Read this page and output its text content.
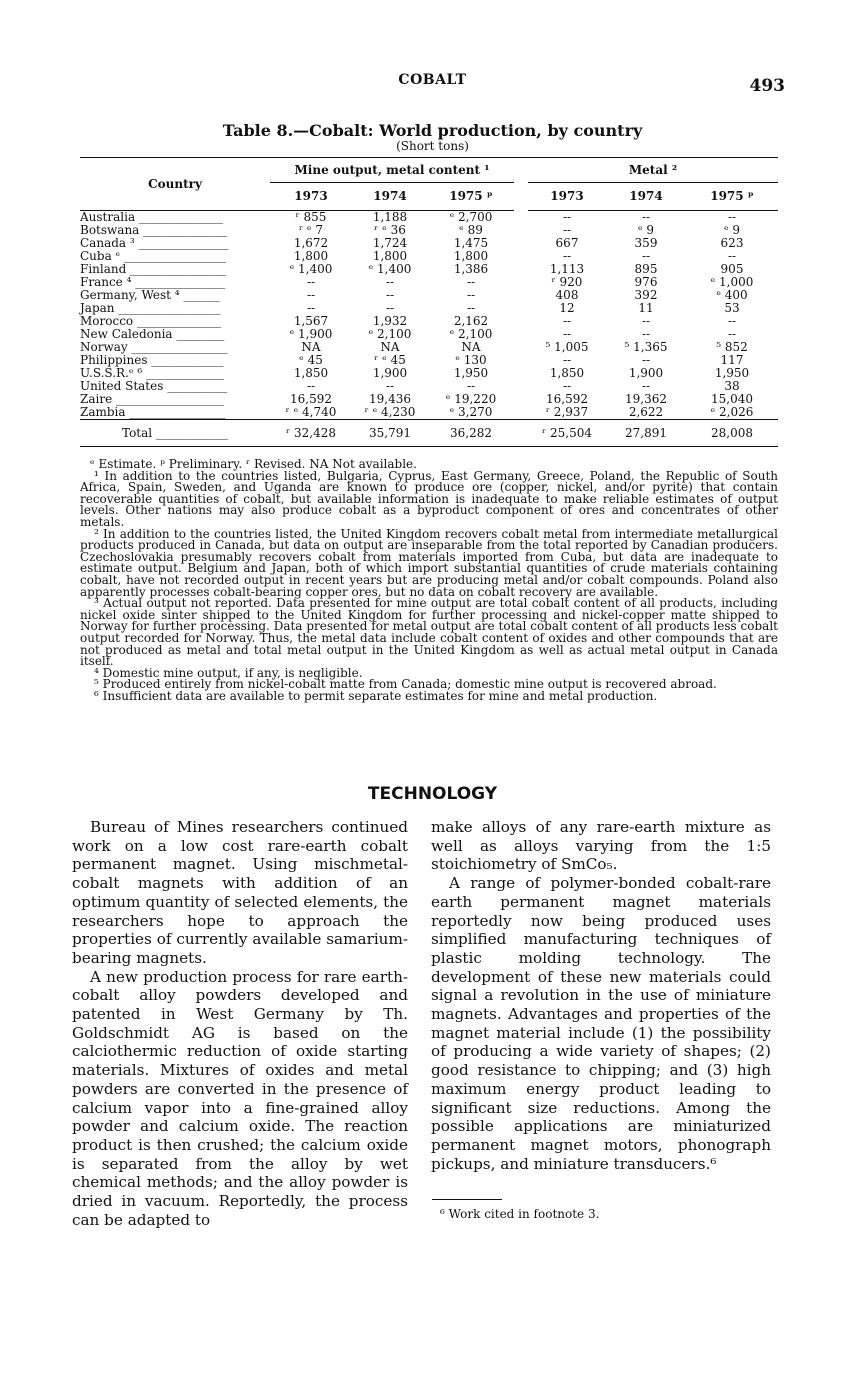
COBALT	493
Table 8.—Cobalt: World production, by country
(Short tons)
Country	Mine output, metal content ¹				Metal ²		
	1973	1974	1975 ᵖ		1973	1974	1975 ᵖ
Australia ______________	ʳ 855	1,188	ᵉ 2,700		--	--	--
Botswana ______________	ʳ ᵉ 7	ʳ ᵉ 36	ᵉ 89		--	ᵉ 9	ᵉ 9
Canada ³ _______________	1,672	1,724	1,475		667	359	623
Cuba ᵉ _________________	1,800	1,800	1,800		--	--	--
Finland ________________	ᵉ 1,400	ᵉ 1,400	1,386		1,113	895	905
France ⁴ _______________	--	--	--		ʳ 920	976	ᵉ 1,000
Germany, West ⁴ ______	--	--	--		408	392	ᵉ 400
Japan _________________	--	--	--		12	11	53
Morocco ______________	1,567	1,932	2,162		--	--	--
New Caledonia ________	ᵉ 1,900	ᵉ 2,100	ᵉ 2,100		--	--	--
Norway ________________	NA	NA	NA		⁵ 1,005	⁵ 1,365	⁵ 852
Philippines ____________	ᵉ 45	ʳ ᵉ 45	ᵉ 130		--	--	117
U.S.S.R.ᵉ ⁶ _____________	1,850	1,900	1,950		1,850	1,900	1,950
United States __________	--	--	--		--	--	38
Zaire __________________	16,592	19,436	ᵉ 19,220		16,592	19,362	15,040
Zambia ________________	ʳ ᵉ 4,740	ʳ ᵉ 4,230	ᵉ 3,270		ʳ 2,937	2,622	ᵉ 2,026
Total ____________	ʳ 32,428	35,791	36,282		ʳ 25,504	27,891	28,008

ᵉ Estimate. ᵖ Preliminary. ʳ Revised. NA Not available.

¹ In addition to the countries listed, Bulgaria, Cyprus, East Germany, Greece, Poland, the Republic of South Africa, Spain, Sweden, and Uganda are known to produce ore (copper, nickel, and/or pyrite) that contain recoverable quantities of cobalt, but available information is inadequate to make reliable estimates of output levels. Other nations may also produce cobalt as a byproduct component of ores and concentrates of other metals.

² In addition to the countries listed, the United Kingdom recovers cobalt metal from intermediate metallurgical products produced in Canada, but data on output are inseparable from the total reported by Canadian producers. Czechoslovakia presumably recovers cobalt from materials imported from Cuba, but data are inadequate to estimate output. Belgium and Japan, both of which import substantial quantities of crude materials containing cobalt, have not recorded output in recent years but are producing metal and/or cobalt compounds. Poland also apparently processes cobalt-bearing copper ores, but no data on cobalt recovery are available.

³ Actual output not reported. Data presented for mine output are total cobalt content of all products, including nickel oxide sinter shipped to the United Kingdom for further processing and nickel-copper matte shipped to Norway for further processing. Data presented for metal output are total cobalt content of all products less cobalt output recorded for Norway. Thus, the metal data include cobalt content of oxides and other compounds that are not produced as metal and total metal output in the United Kingdom as well as actual metal output in Canada itself.

⁴ Domestic mine output, if any, is negligible.

⁵ Produced entirely from nickel-cobalt matte from Canada; domestic mine output is recovered abroad.

⁶ Insufficient data are available to permit separate estimates for mine and metal production.

TECHNOLOGY

Bureau of Mines researchers continued work on a low cost rare-earth cobalt permanent magnet. Using mischmetal-cobalt magnets with addition of an optimum quantity of selected elements, the researchers hope to approach the properties of currently available samarium-bearing magnets.

A new production process for rare earth-cobalt alloy powders developed and patented in West Germany by Th. Goldschmidt AG is based on the calciothermic reduction of oxide starting materials. Mixtures of oxides and metal powders are converted in the presence of calcium vapor into a fine-grained alloy powder and calcium oxide. The reaction product is then crushed; the calcium oxide is separated from the alloy by wet chemical methods; and the alloy powder is dried in vacuum. Reportedly, the process can be adapted to

make alloys of any rare-earth mixture as well as alloys varying from the 1:5 stoichiometry of SmCo₅.

A range of polymer-bonded cobalt-rare earth permanent magnet materials reportedly now being produced uses simplified manufacturing techniques of plastic molding technology. The development of these new materials could signal a revolution in the use of miniature magnets. Advantages and properties of the magnet material include (1) the possibility of producing a wide variety of shapes; (2) good resistance to chipping; and (3) high maximum energy product leading to significant size reductions. Among the possible applications are miniaturized permanent magnet motors, phonograph pickups, and miniature transducers.⁶

⁶ Work cited in footnote 3.
